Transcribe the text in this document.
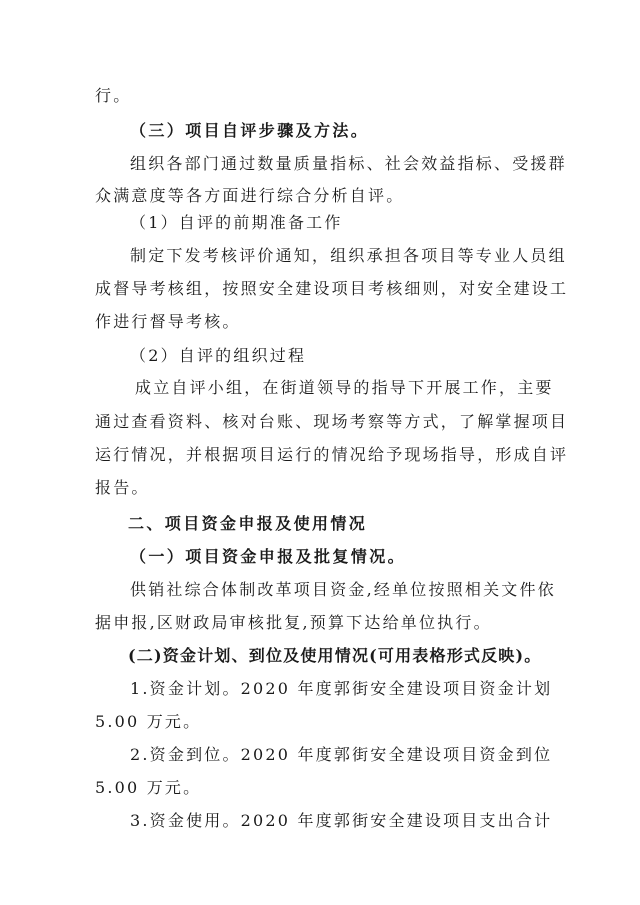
行。
（三）项目自评步骤及方法。
组织各部门通过数量质量指标、社会效益指标、受援群
众满意度等各方面进行综合分析自评。
（1）自评的前期准备工作
制定下发考核评价通知，组织承担各项目等专业人员组
成督导考核组，按照安全建设项目考核细则，对安全建设工
作进行督导考核。
（2）自评的组织过程
成立自评小组，在街道领导的指导下开展工作，主要
通过查看资料、核对台账、现场考察等方式，了解掌握项目
运行情况，并根据项目运行的情况给予现场指导，形成自评
报告。
二、项目资金申报及使用情况
（一）项目资金申报及批复情况。
供销社综合体制改革项目资金,经单位按照相关文件依
据申报,区财政局审核批复,预算下达给单位执行。
(二)资金计划、到位及使用情况(可用表格形式反映)。
1.资金计划。2020 年度郭街安全建设项目资金计划
5.00 万元。
2.资金到位。2020 年度郭街安全建设项目资金到位
5.00 万元。
3.资金使用。2020 年度郭街安全建设项目支出合计
